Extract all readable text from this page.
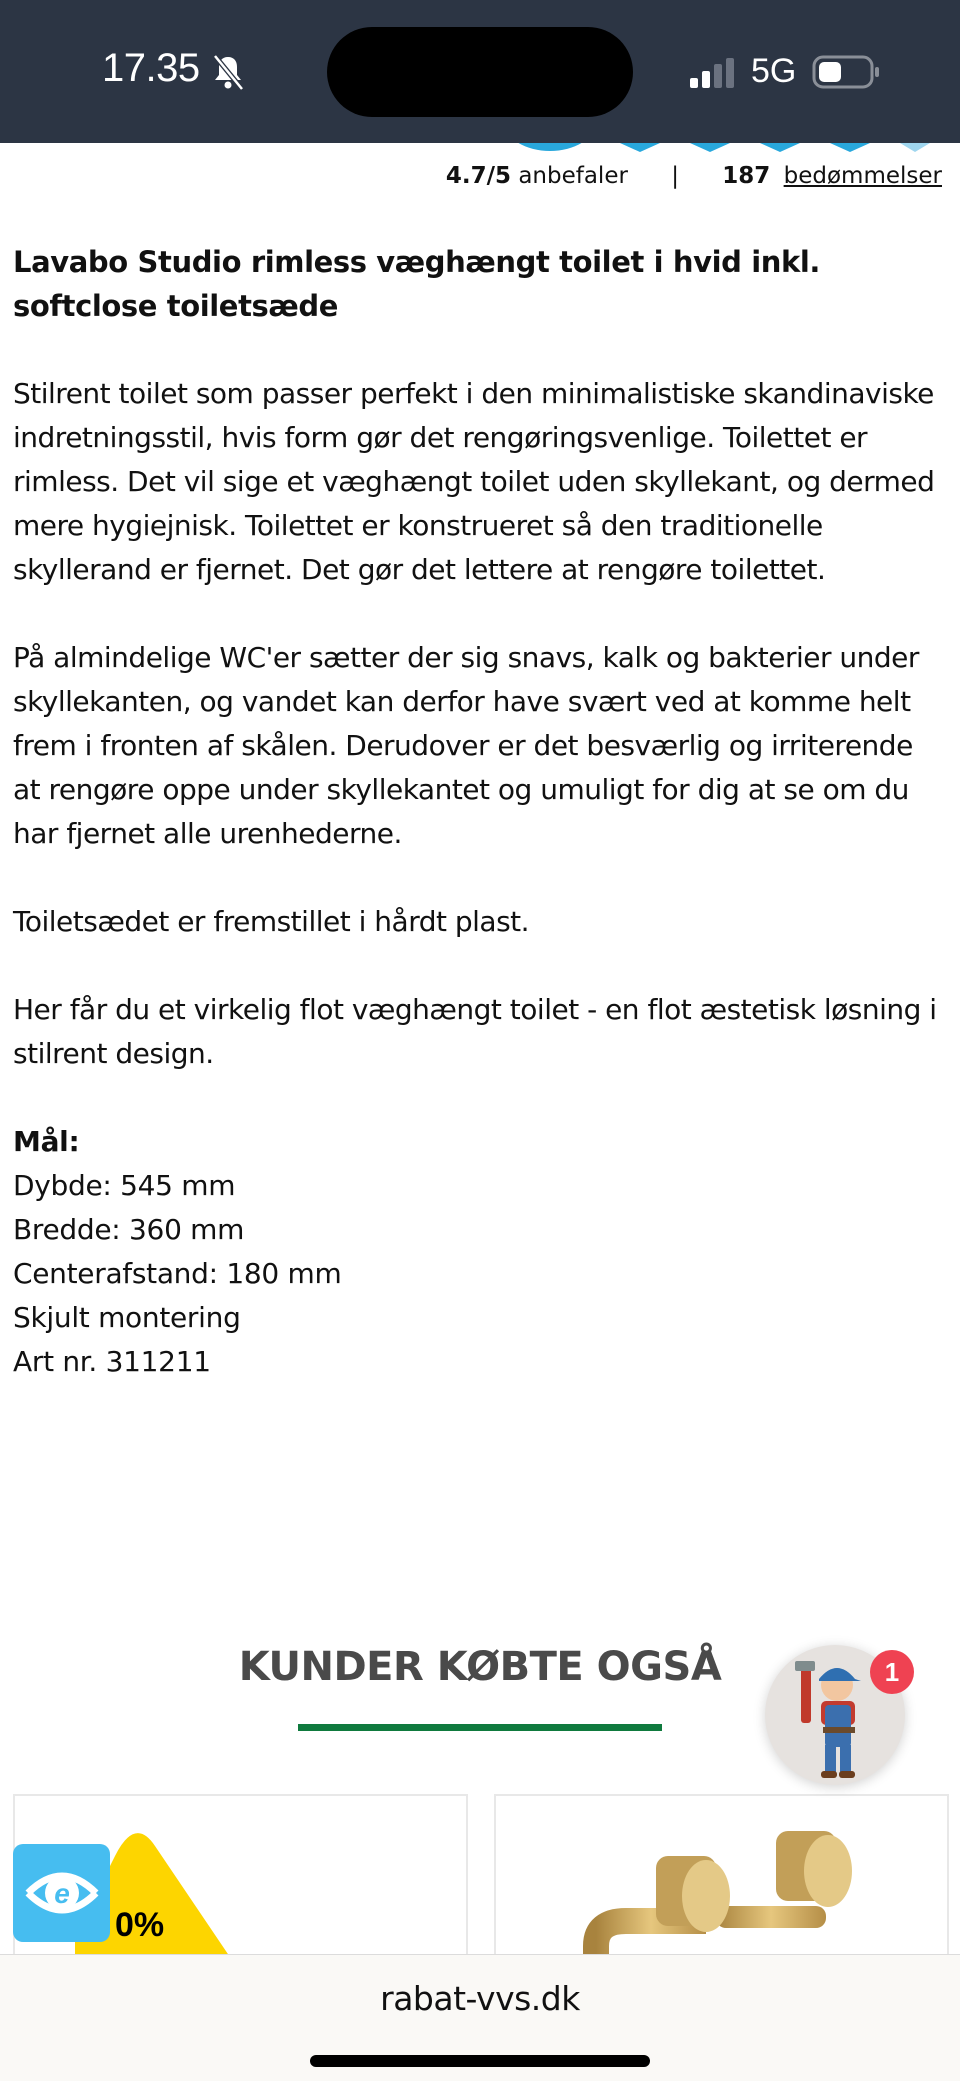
17.35	5G
4.7/5 anbefaler | 187 bedømmelser
Lavabo Studio rimless væghængt toilet i hvid inkl. softclose toiletsæde

Stilrent toilet som passer perfekt i den minimalistiske skandinaviske indretningsstil, hvis form gør det rengøringsvenlige. Toilettet er rimless. Det vil sige et væghængt toilet uden skyllekant, og dermed mere hygiejnisk. Toilettet er konstrueret så den traditionelle skyllerand er fjernet. Det gør det lettere at rengøre toilettet.

På almindelige WC'er sætter der sig snavs, kalk og bakterier under skyllekanten, og vandet kan derfor have svært ved at komme helt frem i fronten af skålen. Derudover er det besværlig og irriterende at rengøre oppe under skyllekantet og umuligt for dig at se om du har fjernet alle urenhederne.

Toiletsædet er fremstillet i hårdt plast.

Her får du et virkelig flot væghængt toilet - en flot æstetisk løsning i stilrent design.

Mål:
Dybde: 545 mm
Bredde: 360 mm
Centerafstand: 180 mm
Skjult montering
Art nr. 311211
KUNDER KØBTE OGSÅ
0%
e
1
rabat-vvs.dk
